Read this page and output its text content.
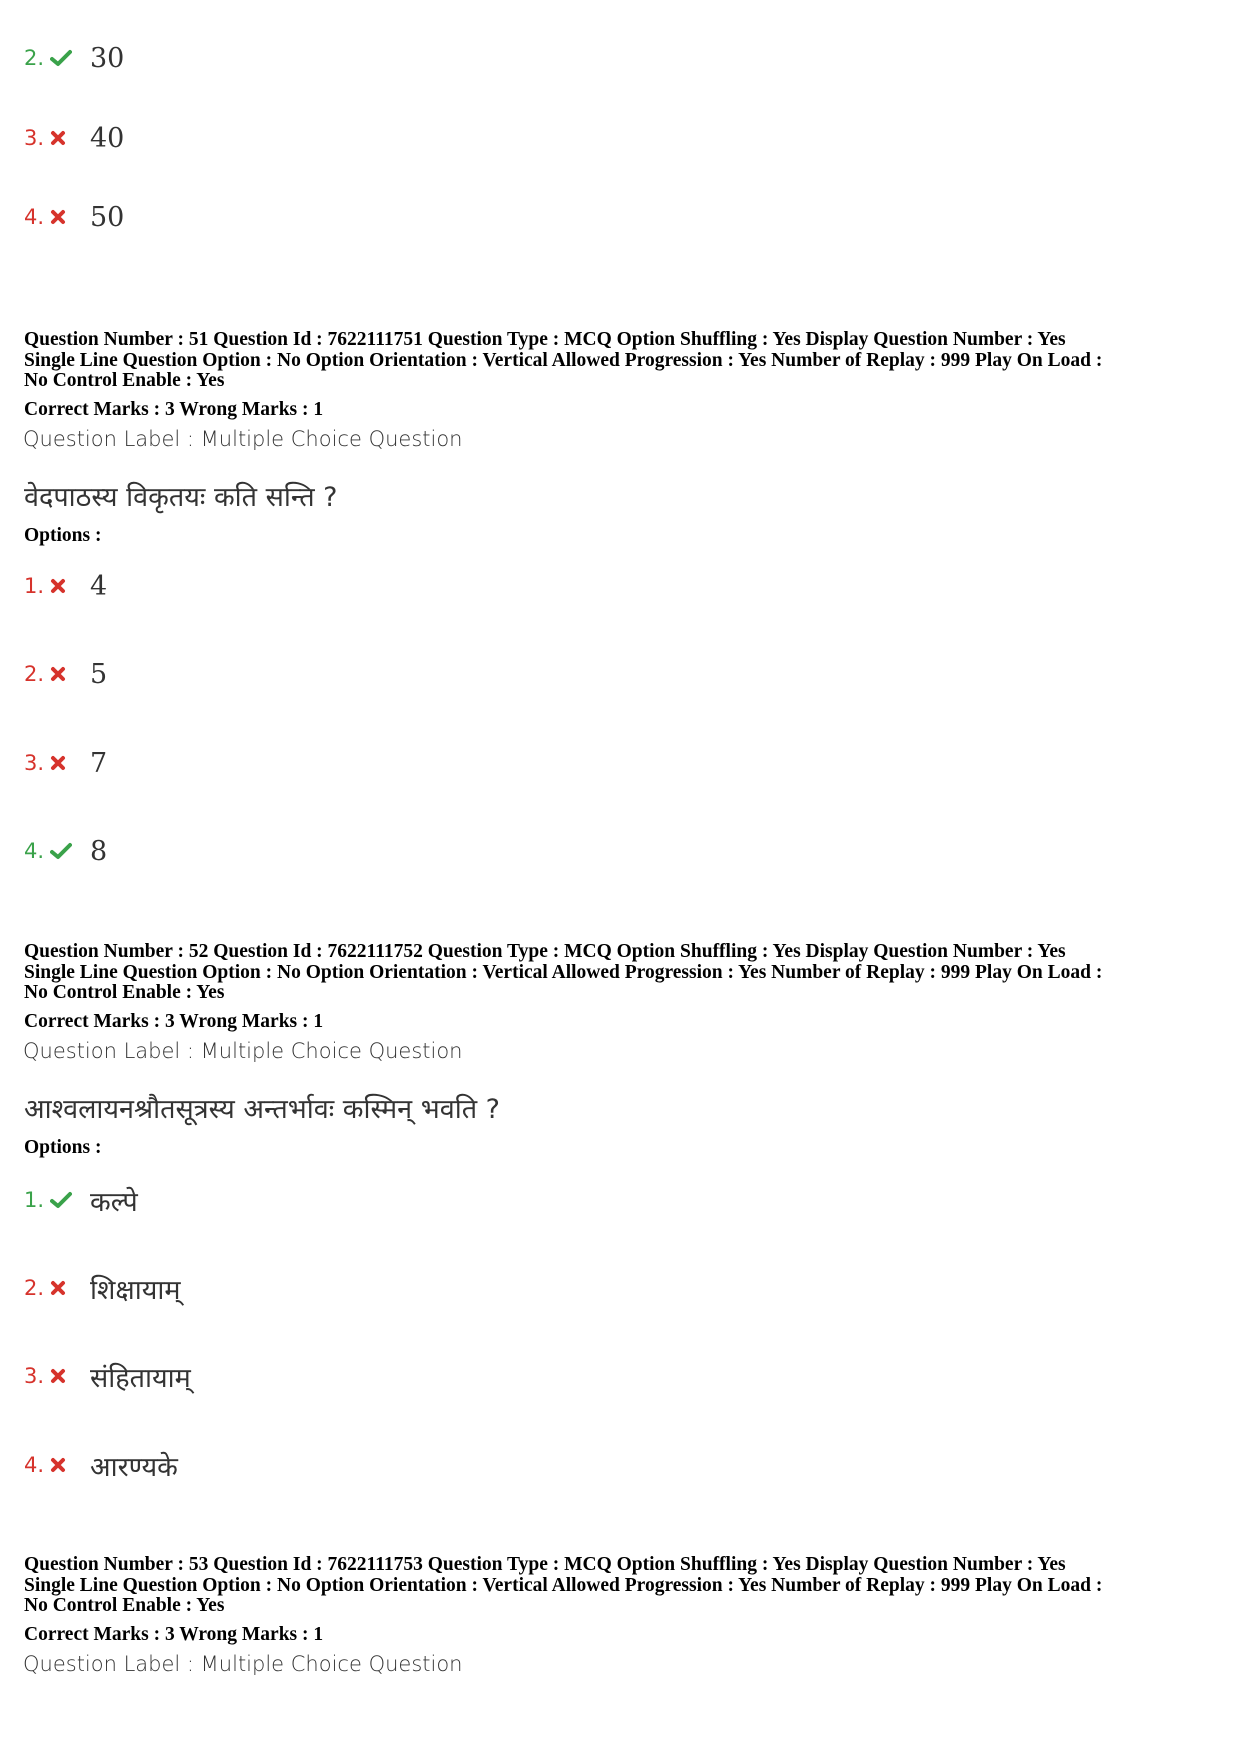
2. 30
3. 40
4. 50
Question Number : 51 Question Id : 7622111751 Question Type : MCQ Option Shuffling : Yes Display Question Number : Yes
Single Line Question Option : No Option Orientation : Vertical Allowed Progression : Yes Number of Replay : 999 Play On Load :
No Control Enable : Yes
Correct Marks : 3 Wrong Marks : 1
Question Label : Multiple Choice Question
वेदपाठस्य विकृतयः कति सन्ति ?
Options :
1. 4
2. 5
3. 7
4. 8
Question Number : 52 Question Id : 7622111752 Question Type : MCQ Option Shuffling : Yes Display Question Number : Yes
Single Line Question Option : No Option Orientation : Vertical Allowed Progression : Yes Number of Replay : 999 Play On Load :
No Control Enable : Yes
Correct Marks : 3 Wrong Marks : 1
Question Label : Multiple Choice Question
आश्वलायनश्रौतसूत्रस्य अन्तर्भावः कस्मिन् भवति ?
Options :
1. कल्पे
2. शिक्षायाम्
3. संहितायाम्
4. आरण्यके
Question Number : 53 Question Id : 7622111753 Question Type : MCQ Option Shuffling : Yes Display Question Number : Yes
Single Line Question Option : No Option Orientation : Vertical Allowed Progression : Yes Number of Replay : 999 Play On Load :
No Control Enable : Yes
Correct Marks : 3 Wrong Marks : 1
Question Label : Multiple Choice Question
